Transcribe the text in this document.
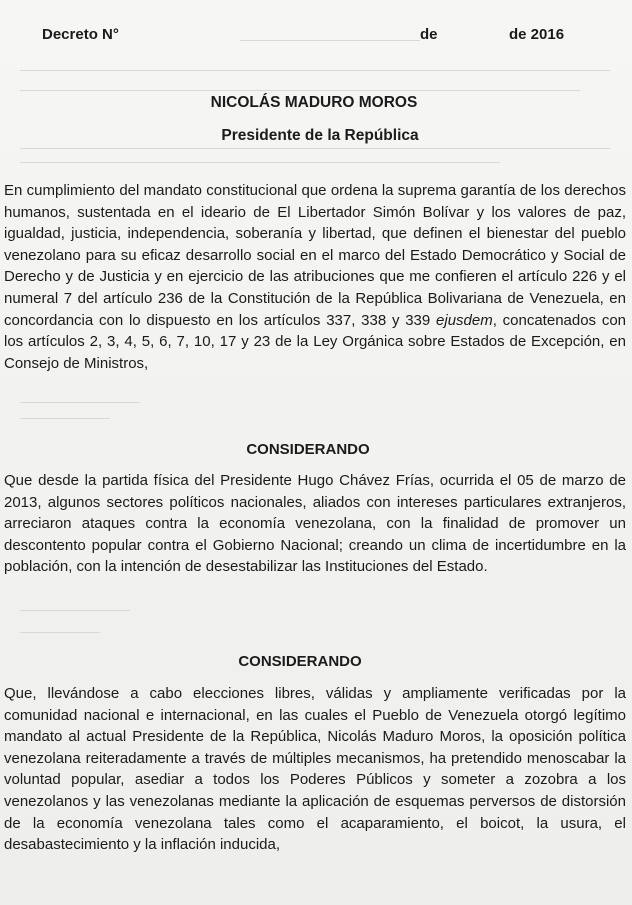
Decreto N°	de	de 2016
NICOLÁS MADURO MOROS
Presidente de la República

En cumplimiento del mandato constitucional que ordena la suprema garantía de los derechos humanos, sustentada en el ideario de El Libertador Simón Bolívar y los valores de paz, igualdad, justicia, independencia, soberanía y libertad, que definen el bienestar del pueblo venezolano para su eficaz desarrollo social en el marco del Estado Democrático y Social de Derecho y de Justicia y en ejercicio de las atribuciones que me confieren el artículo 226 y el numeral 7 del artículo 236 de la Constitución de la República Bolivariana de Venezuela, en concordancia con lo dispuesto en los artículos 337, 338 y 339 ejusdem, concatenados con los artículos 2, 3, 4, 5, 6, 7, 10, 17 y 23 de la Ley Orgánica sobre Estados de Excepción, en Consejo de Ministros,

CONSIDERANDO

Que desde la partida física del Presidente Hugo Chávez Frías, ocurrida el 05 de marzo de 2013, algunos sectores políticos nacionales, aliados con intereses particulares extranjeros, arreciaron ataques contra la economía venezolana, con la finalidad de promover un descontento popular contra el Gobierno Nacional; creando un clima de incertidumbre en la población, con la intención de desestabilizar las Instituciones del Estado.

CONSIDERANDO

Que, llevándose a cabo elecciones libres, válidas y ampliamente verificadas por la comunidad nacional e internacional, en las cuales el Pueblo de Venezuela otorgó legítimo mandato al actual Presidente de la República, Nicolás Maduro Moros, la oposición política venezolana reiteradamente a través de múltiples mecanismos, ha pretendido menoscabar la voluntad popular, asediar a todos los Poderes Públicos y someter a zozobra a los venezolanos y las venezolanas mediante la aplicación de esquemas perversos de distorsión de la economía venezolana tales como el acaparamiento, el boicot, la usura, el desabastecimiento y la inflación inducida,
